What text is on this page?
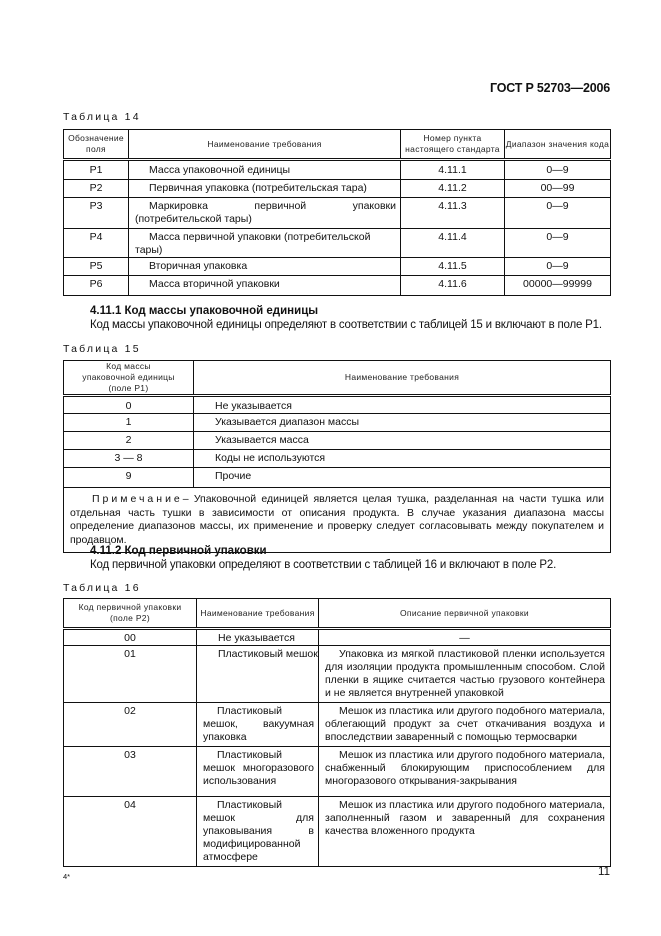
ГОСТ Р 52703—2006
Таблица 14
Обозначение поля	Наименование требования	Номер пункта настоящего стандарта	Диапазон значения кода
P1	Масса упаковочной единицы	4.11.1	0—9
P2	Первичная упаковка (потребительская тара)	4.11.2	00—99
P3	Маркировка первичной упаковки (потребительской тары)	4.11.3	0—9
P4	Масса первичной упаковки (потребительской тары)	4.11.4	0—9
P5	Вторичная упаковка	4.11.5	0—9
P6	Масса вторичной упаковки	4.11.6	00000—99999
4.11.1 Код массы упаковочной единицы
Код массы упаковочной единицы определяют в соответствии с таблицей 15 и включают в поле P1.
Таблица 15
Код массы упаковочной единицы (поле P1)	Наименование требования
0	Не указывается
1	Указывается диапазон массы
2	Указывается масса
3 — 8	Коды не используются
9	Прочие
Примечание– Упаковочной единицей является целая тушка, разделанная на части тушка или отдельная часть тушки в зависимости от описания продукта. В случае указания диапазона массы определение диапазонов массы, их применение и проверку следует согласовывать между покупателем и продавцом.	
4.11.2 Код первичной упаковки
Код первичной упаковки определяют в соответствии с таблицей 16 и включают в поле P2.
Таблица 16
Код первичной упаковки (поле P2)	Наименование требования	Описание первичной упаковки
00	Не указывается	—
01	Пластиковый мешок	Упаковка из мягкой пластиковой пленки используется для изоляции продукта промышленным способом. Слой пленки в ящике считается частью грузового контейнера и не является внутренней упаковкой
02	Пластиковый мешок, вакуумная упаковка	Мешок из пластика или другого подобного материала, облегающий продукт за счет откачивания воздуха и впоследствии заваренный с помощью термосварки
03	Пластиковый мешок многоразового использования	Мешок из пластика или другого подобного материала, снабженный блокирующим приспособлением для многоразового открывания-закрывания
04	Пластиковый мешок для упаковывания в модифицированной атмосфере	Мешок из пластика или другого подобного материала, заполненный газом и заваренный для сохранения качества вложенного продукта
4*	11
